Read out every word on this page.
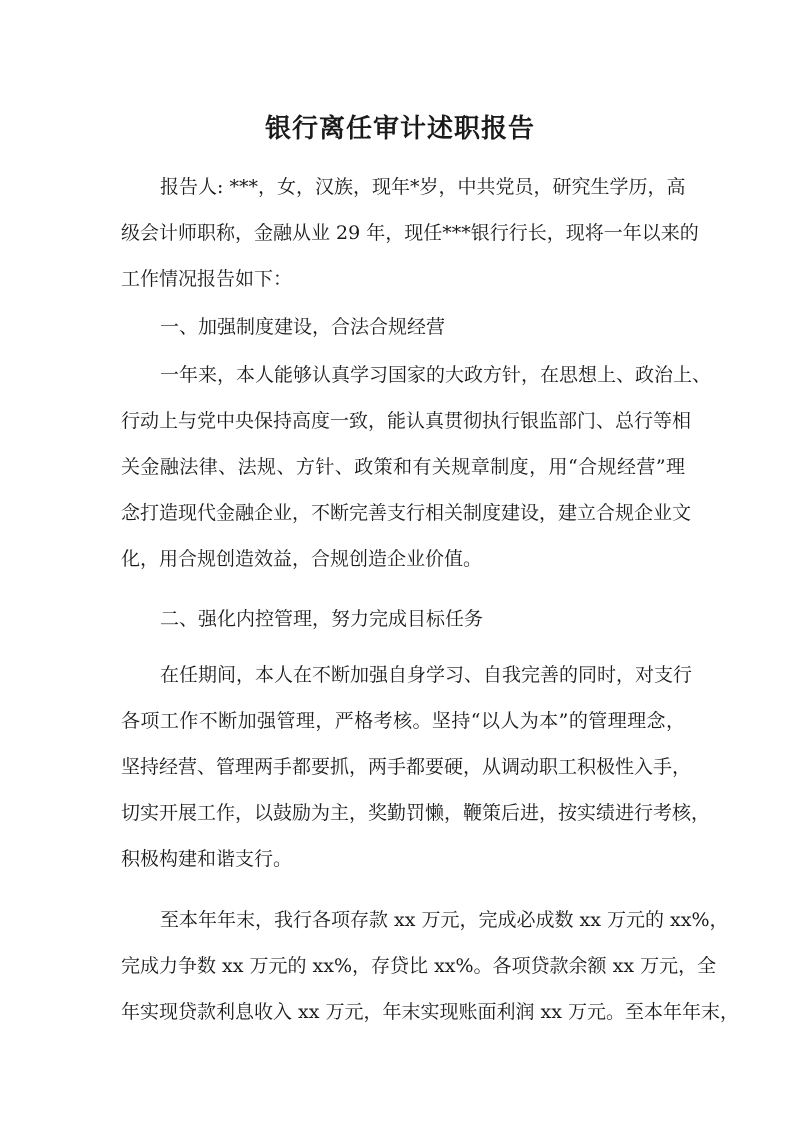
银行离任审计述职报告

报告人: ***，女，汉族，现年*岁，中共党员，研究生学历，高

级会计师职称，金融从业 29 年，现任***银行行长，现将一年以来的

工作情况报告如下：

一、加强制度建设，合法合规经营

一年来，本人能够认真学习国家的大政方针，在思想上、政治上、

行动上与党中央保持高度一致，能认真贯彻执行银监部门、总行等相

关金融法律、法规、方针、政策和有关规章制度，用“合规经营”理

念打造现代金融企业，不断完善支行相关制度建设，建立合规企业文

化，用合规创造效益，合规创造企业价值。

二、强化内控管理，努力完成目标任务

在任期间，本人在不断加强自身学习、自我完善的同时，对支行

各项工作不断加强管理，严格考核。坚持“以人为本”的管理理念，

坚持经营、管理两手都要抓，两手都要硬，从调动职工积极性入手，

切实开展工作，以鼓励为主，奖勤罚懒，鞭策后进，按实绩进行考核，

积极构建和谐支行。

至本年年末，我行各项存款 xx 万元，完成必成数 xx 万元的 xx%，

完成力争数 xx 万元的 xx%，存贷比 xx%。各项贷款余额 xx 万元，全

年实现贷款利息收入 xx 万元，年末实现账面利润 xx 万元。至本年年末，
